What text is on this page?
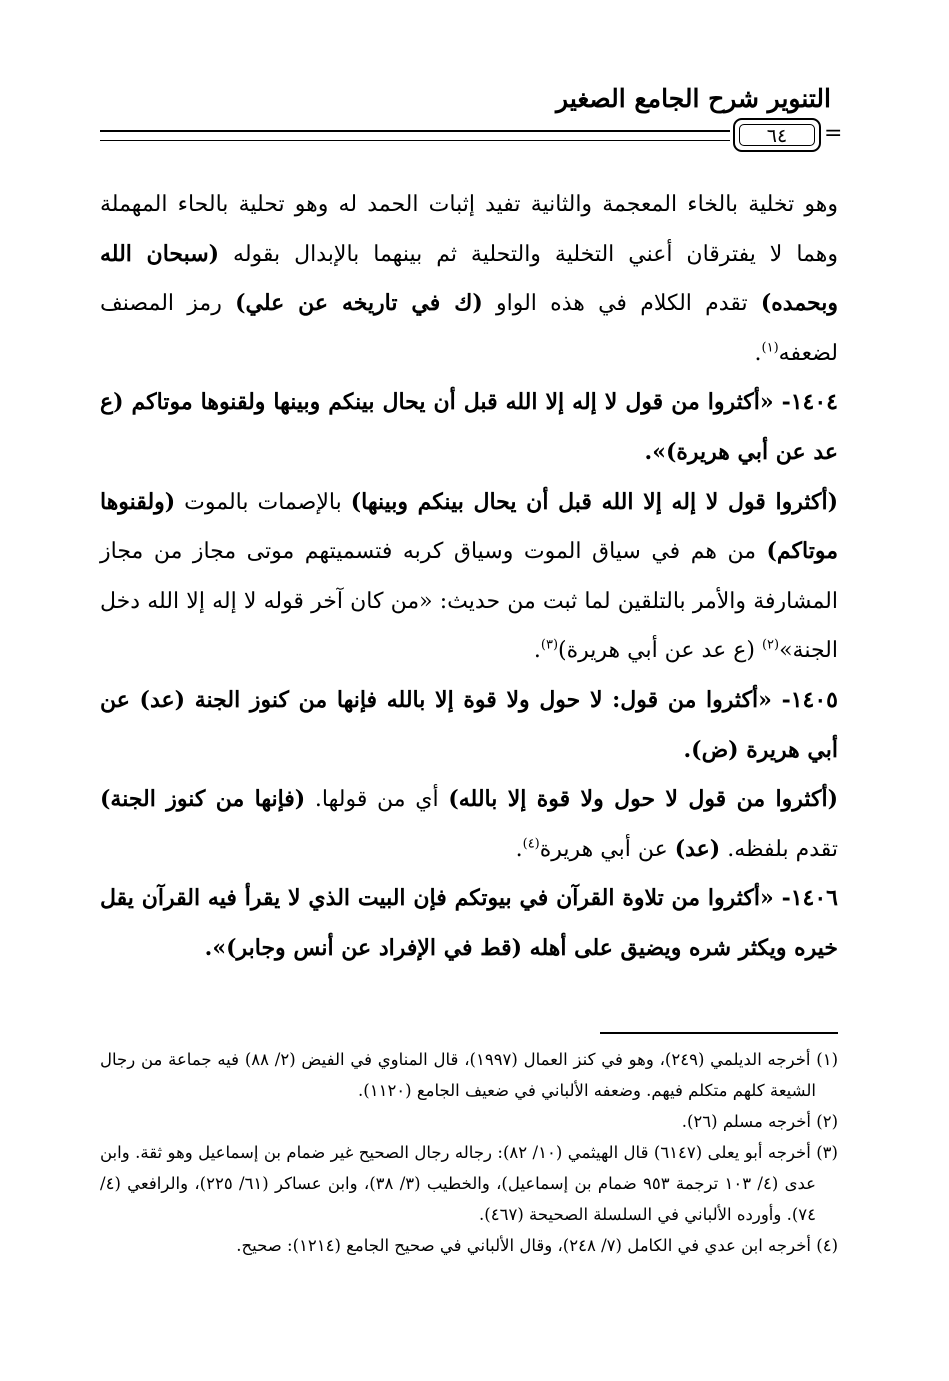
التنوير شرح الجامع الصغير
٦٤	=

وهو تخلية بالخاء المعجمة والثانية تفيد إثبات الحمد له وهو تحلية بالحاء المهملة وهما لا يفترقان أعني التخلية والتحلية ثم بينهما بالإبدال بقوله (سبحان الله وبحمده) تقدم الكلام في هذه الواو (ك في تاريخه عن علي) رمز المصنف لضعفه$^{(١)}$.

١٤٠٤- «أكثروا من قول لا إله إلا الله قبل أن يحال بينكم وبينها ولقنوها موتاكم (ع عد عن أبي هريرة)».

(أكثروا قول لا إله إلا الله قبل أن يحال بينكم وبينها) بالإصمات بالموت (ولقنوها موتاكم) من هم في سياق الموت وسياق كربه فتسميتهم موتى مجاز من مجاز المشارفة والأمر بالتلقين لما ثبت من حديث: «من كان آخر قوله لا إله إلا الله دخل الجنة»$^{(٢)}$ (ع عد عن أبي هريرة)$^{(٣)}$.

١٤٠٥- «أكثروا من قول: لا حول ولا قوة إلا بالله فإنها من كنوز الجنة (عد) عن أبي هريرة (ض).

(أكثروا من قول لا حول ولا قوة إلا بالله) أي من قولها. (فإنها من كنوز الجنة) تقدم بلفظه. (عد) عن أبي هريرة$^{(٤)}$.

١٤٠٦- «أكثروا من تلاوة القرآن في بيوتكم فإن البيت الذي لا يقرأ فيه القرآن يقل خيره ويكثر شره ويضيق على أهله (قط في الإفراد عن أنس وجابر)».

(١) أخرجه الديلمي (٢٤٩)، وهو في كنز العمال (١٩٩٧)، قال المناوي في الفيض (٢/ ٨٨) فيه جماعة من رجال الشيعة كلهم متكلم فيهم. وضعفه الألباني في ضعيف الجامع (١١٢٠).

(٢) أخرجه مسلم (٢٦).

(٣) أخرجه أبو يعلى (٦١٤٧) قال الهيثمي (١٠/ ٨٢): رجاله رجال الصحيح غير ضمام بن إسماعيل وهو ثقة. وابن عدى (٤/ ١٠٣ ترجمة ٩٥٣ ضمام بن إسماعيل)، والخطيب (٣/ ٣٨)، وابن عساكر (٦١/ ٢٢٥)، والرافعي (٤/ ٧٤). وأورده الألباني في السلسلة الصحيحة (٤٦٧).

(٤) أخرجه ابن عدي في الكامل (٧/ ٢٤٨)، وقال الألباني في صحيح الجامع (١٢١٤): صحيح.
